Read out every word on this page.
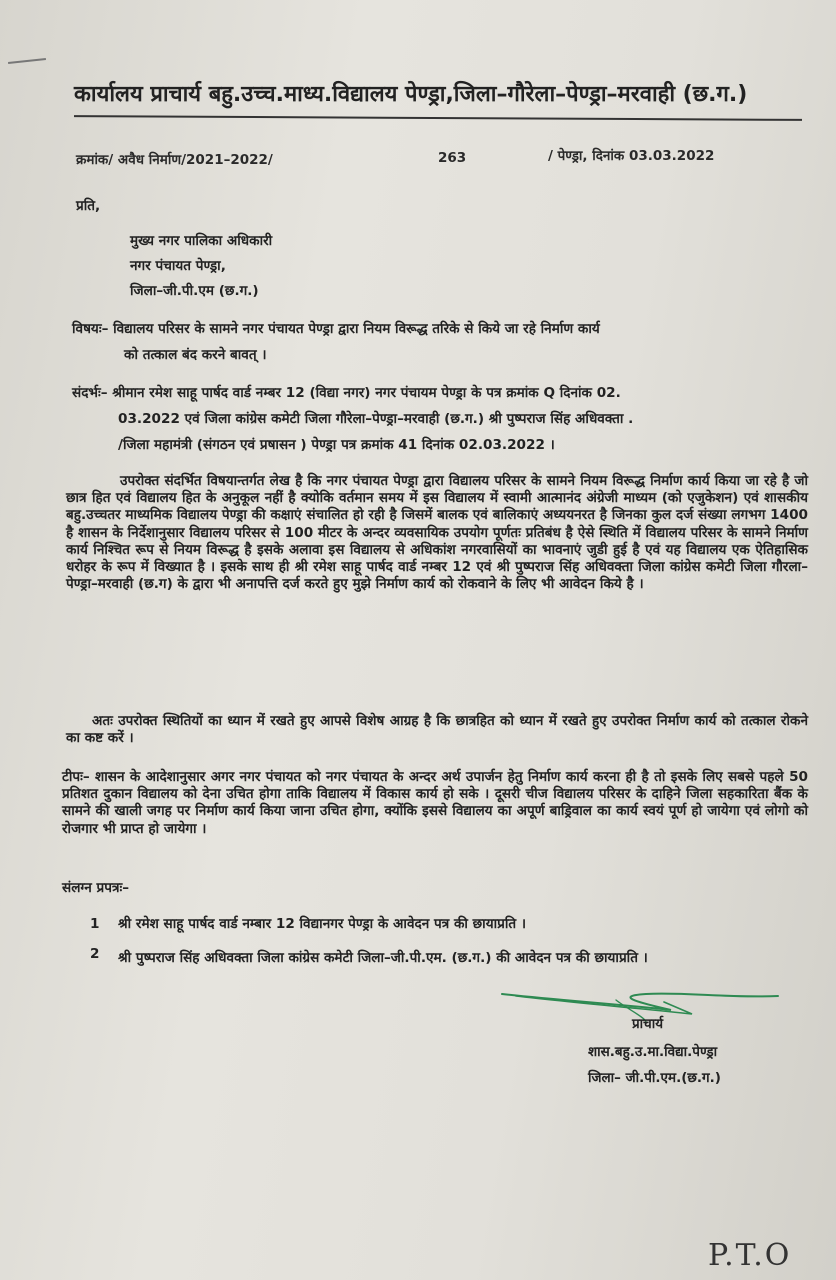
कार्यालय प्राचार्य बहु.उच्च.माध्य.विद्यालय पेण्ड्रा,जिला–गौरेला–पेण्ड्रा–मरवाही (छ.ग.)
क्रमांक/ अवैध निर्माण/2021–2022/	263	/ पेण्ड्रा, दिनांक 03.03.2022
प्रति,
मुख्य नगर पालिका अधिकारी
नगर पंचायत पेण्ड्रा,
जिला–जी.पी.एम (छ.ग.)
विषयः– विद्यालय परिसर के सामने नगर पंचायत पेण्ड्रा द्वारा नियम विरूद्ध तरिके से किये जा रहे निर्माण कार्य
को तत्काल बंद करने बावत् ।
संदर्भः– श्रीमान रमेश साहू पार्षद वार्ड नम्बर 12 (विद्या नगर) नगर पंचायम पेण्ड्रा के पत्र क्रमांक Q दिनांक 02.
03.2022 एवं जिला कांग्रेस कमेटी जिला गौरेला–पेण्ड्रा–मरवाही (छ.ग.) श्री पुष्पराज सिंह अधिवक्ता .
/जिला महामंत्री (संगठन एवं प्रषासन ) पेण्ड्रा पत्र क्रमांक 41 दिनांक 02.03.2022 ।
उपरोक्त संदर्भित विषयान्तर्गत लेख है कि नगर पंचायत पेण्ड्रा द्वारा विद्यालय परिसर के सामने नियम विरूद्ध निर्माण कार्य किया जा रहे है जो छात्र हित एवं विद्यालय हित के अनुकूल नहीं है क्योकि वर्तमान समय में इस विद्यालय में स्वामी आत्मानंद अंग्रेजी माध्यम (को एजुकेशन) एवं शासकीय बहु.उच्चतर माध्यमिक विद्यालय पेण्ड्रा की कक्षाएं संचालित हो रही है जिसमें बालक एवं बालिकाएं अध्ययनरत है जिनका कुल दर्ज संख्या लगभग 1400 है शासन के निर्देशानुसार विद्यालय परिसर से 100 मीटर के अन्दर व्यवसायिक उपयोग पूर्णतः प्रतिबंध है ऐसे स्थिति में विद्यालय परिसर के सामने निर्माण कार्य निश्चित रूप से नियम विरूद्ध है इसके अलावा इस विद्यालय से अधिकांश नगरवासियों का भावनाएं जुडी हुई है एवं यह विद्यालय एक ऐतिहासिक धरोहर के रूप में विख्यात है । इसके साथ ही श्री रमेश साहू पार्षद वार्ड नम्बर 12 एवं श्री पुष्पराज सिंह अधिवक्ता जिला कांग्रेस कमेटी जिला गौरला–पेण्ड्रा–मरवाही (छ.ग) के द्वारा भी अनापत्ति दर्ज करते हुए मुझे निर्माण कार्य को रोकवाने के लिए भी आवेदन किये है ।
अतः उपरोक्त स्थितियों का ध्यान में रखते हुए आपसे विशेष आग्रह है कि छात्रहित को ध्यान में रखते हुए उपरोक्त निर्माण कार्य को तत्काल रोकने का कष्ट करें ।
टीपः– शासन के आदेशानुसार अगर नगर पंचायत को नगर पंचायत के अन्दर अर्थ उपार्जन हेतु निर्माण कार्य करना ही है तो इसके लिए सबसे पहले 50 प्रतिशत दुकान विद्यालय को देना उचित होगा ताकि विद्यालय में विकास कार्य हो सके । दूसरी चीज विद्यालय परिसर के दाहिने जिला सहकारिता बैंक के सामने की खाली जगह पर निर्माण कार्य किया जाना उचित होगा, क्योंकि इससे विद्यालय का अपूर्ण बाड्रिवाल का कार्य स्वयं पूर्ण हो जायेगा एवं लोगो को रोजगार भी प्राप्त हो जायेगा ।
संलग्न प्रपत्रः–
1 श्री रमेश साहू पार्षद वार्ड नम्बार 12 विद्यानगर पेण्ड्रा के आवेदन पत्र की छायाप्रति ।
2 श्री पुष्पराज सिंह अधिवक्ता जिला कांग्रेस कमेटी जिला–जी.पी.एम. (छ.ग.) की आवेदन पत्र की छायाप्रति ।
प्राचार्य
शास.बहु.उ.मा.विद्या.पेण्ड्रा
जिला– जी.पी.एम.(छ.ग.)
P.T.O
